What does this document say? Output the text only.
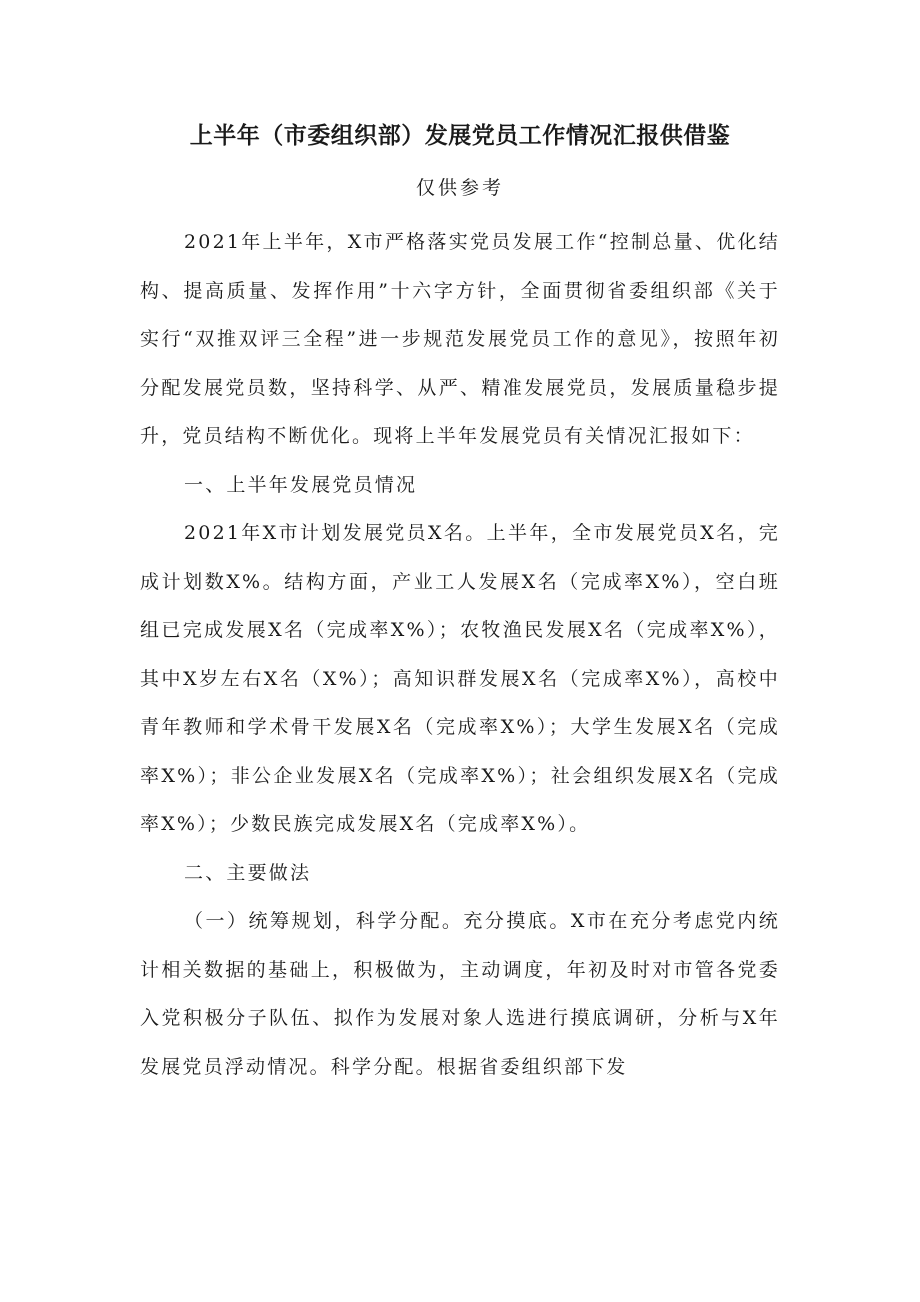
上半年（市委组织部）发展党员工作情况汇报供借鉴
仅供参考

2021年上半年，X市严格落实党员发展工作“控制总量、优化结构、提高质量、发挥作用”十六字方针，全面贯彻省委组织部《关于实行“双推双评三全程”进一步规范发展党员工作的意见》，按照年初分配发展党员数，坚持科学、从严、精准发展党员，发展质量稳步提升，党员结构不断优化。现将上半年发展党员有关情况汇报如下：

一、上半年发展党员情况

2021年X市计划发展党员X名。上半年，全市发展党员X名，完成计划数X%。结构方面，产业工人发展X名（完成率X%），空白班组已完成发展X名（完成率X%）；农牧渔民发展X名（完成率X%），其中X岁左右X名（X%）；高知识群发展X名（完成率X%），高校中青年教师和学术骨干发展X名（完成率X%）；大学生发展X名（完成率X%）；非公企业发展X名（完成率X%）；社会组织发展X名（完成率X%）；少数民族完成发展X名（完成率X%）。

二、主要做法

（一）统筹规划，科学分配。充分摸底。X市在充分考虑党内统计相关数据的基础上，积极做为，主动调度，年初及时对市管各党委入党积极分子队伍、拟作为发展对象人选进行摸底调研，分析与X年发展党员浮动情况。科学分配。根据省委组织部下发
